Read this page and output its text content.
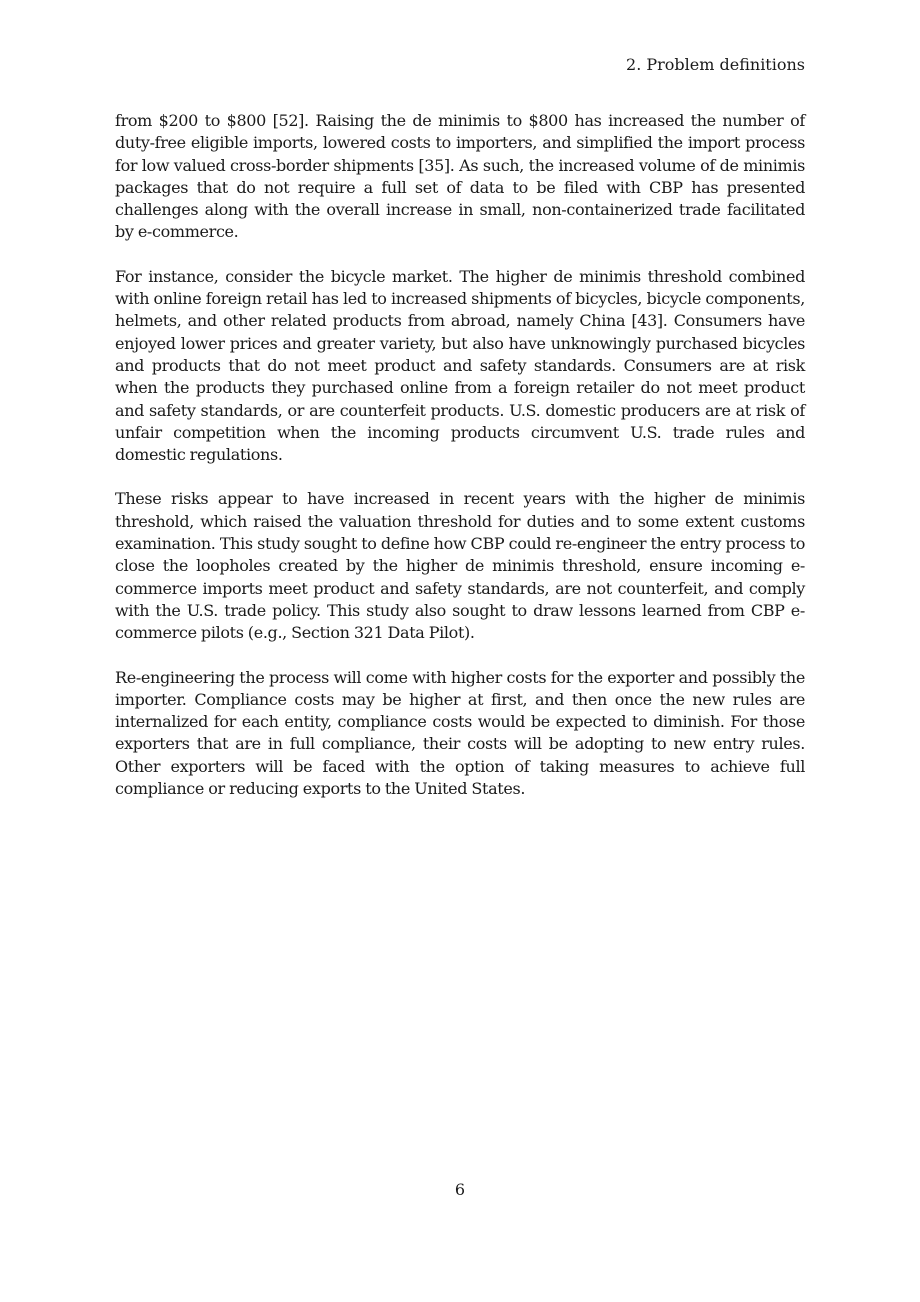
2. Problem definitions

from $200 to $800 [52]. Raising the de minimis to $800 has increased the number of duty-free eligible imports, lowered costs to importers, and simplified the import process for low valued cross-border shipments [35]. As such, the increased volume of de minimis packages that do not require a full set of data to be filed with CBP has presented challenges along with the overall increase in small, non-containerized trade facilitated by e-commerce.

For instance, consider the bicycle market. The higher de minimis threshold combined with online foreign retail has led to increased shipments of bicycles, bicycle components, helmets, and other related products from abroad, namely China [43]. Consumers have enjoyed lower prices and greater variety, but also have unknowingly purchased bicycles and products that do not meet product and safety standards. Consumers are at risk when the products they purchased online from a foreign retailer do not meet product and safety standards, or are counterfeit products. U.S. domestic producers are at risk of unfair competition when the incoming products circumvent U.S. trade rules and domestic regulations.

These risks appear to have increased in recent years with the higher de minimis threshold, which raised the valuation threshold for duties and to some extent customs examination. This study sought to define how CBP could re-engineer the entry process to close the loopholes created by the higher de minimis threshold, ensure incoming e-commerce imports meet product and safety standards, are not counterfeit, and comply with the U.S. trade policy. This study also sought to draw lessons learned from CBP e-commerce pilots (e.g., Section 321 Data Pilot).

Re-engineering the process will come with higher costs for the exporter and possibly the importer. Compliance costs may be higher at first, and then once the new rules are internalized for each entity, compliance costs would be expected to diminish. For those exporters that are in full compliance, their costs will be adopting to new entry rules. Other exporters will be faced with the option of taking measures to achieve full compliance or reducing exports to the United States.

6
